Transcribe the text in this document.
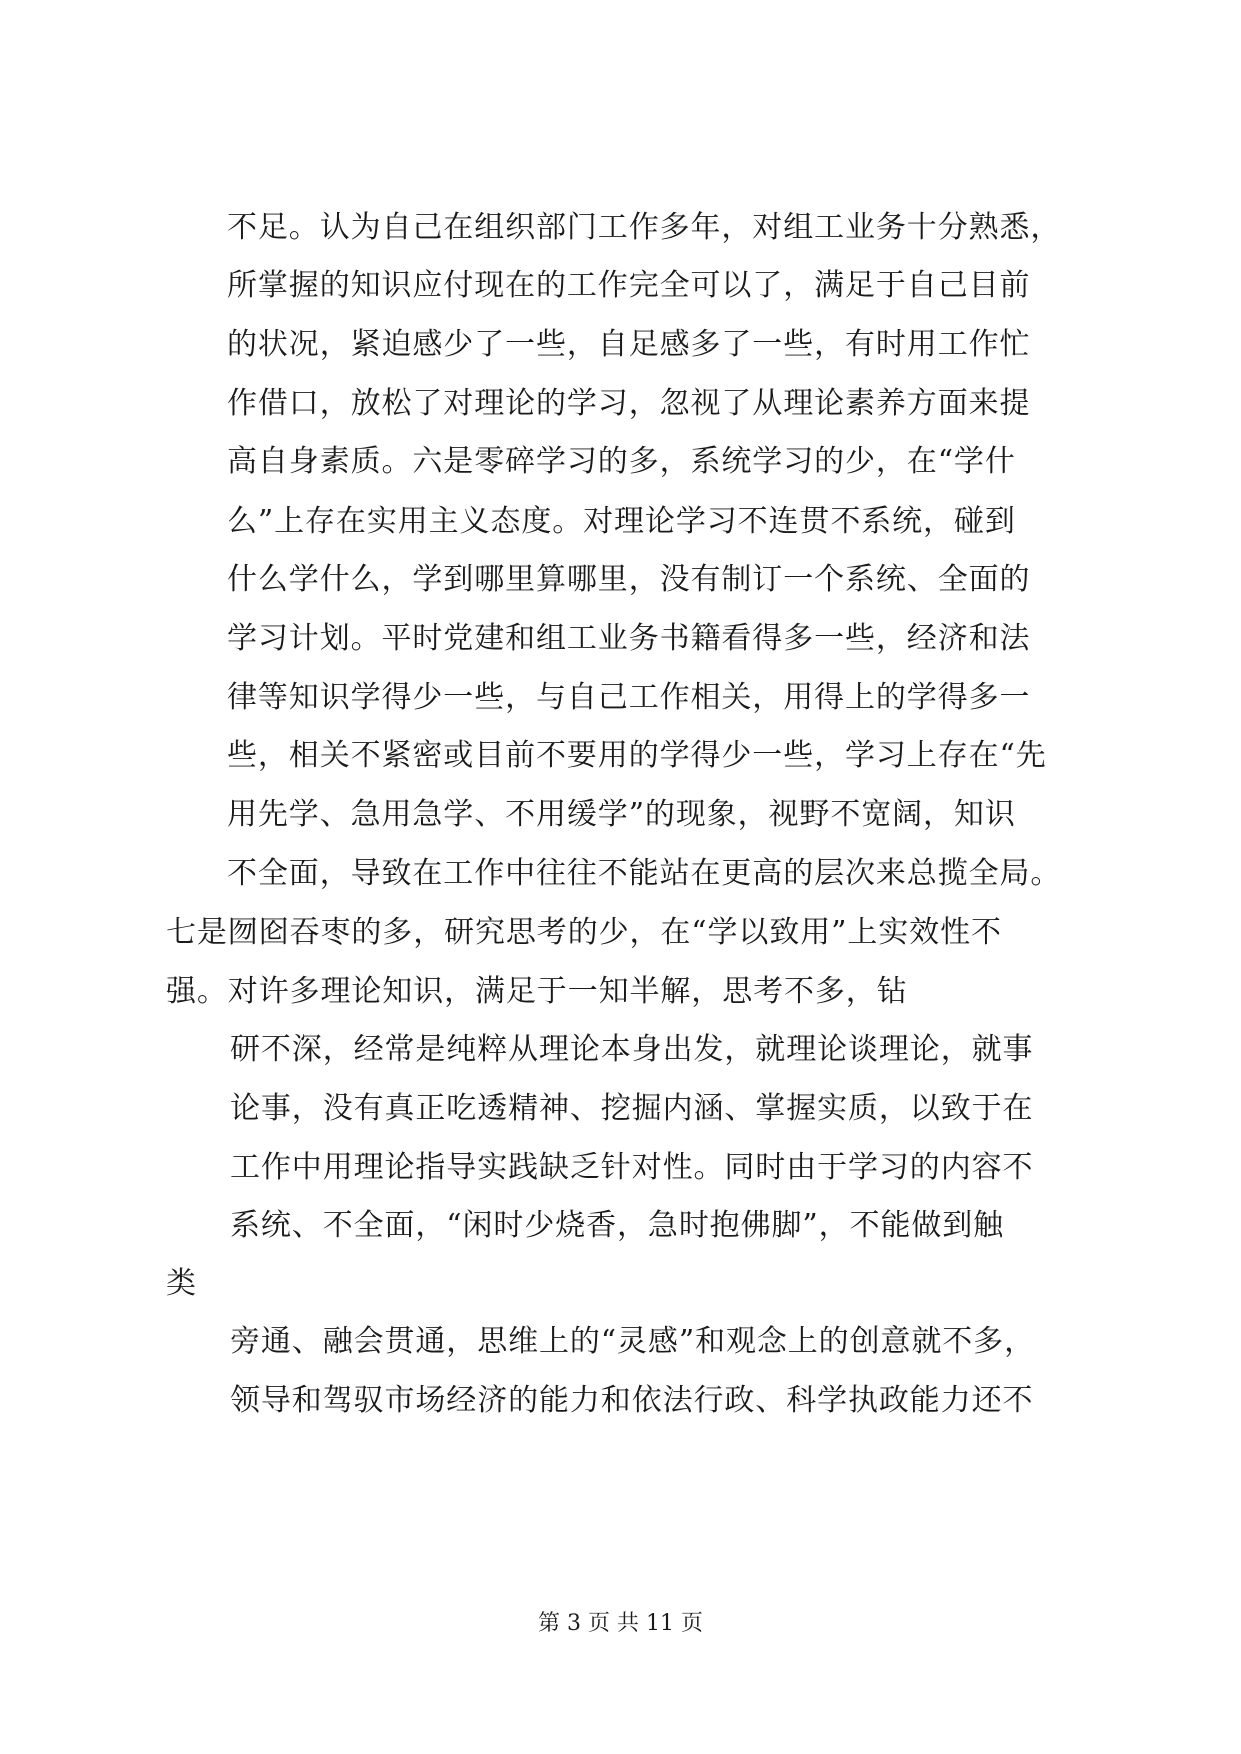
不足。认为自己在组织部门工作多年，对组工业务十分熟悉，

所掌握的知识应付现在的工作完全可以了，满足于自己目前

的状况，紧迫感少了一些，自足感多了一些，有时用工作忙

作借口，放松了对理论的学习，忽视了从理论素养方面来提

高自身素质。六是零碎学习的多，系统学习的少，在“学什

么”上存在实用主义态度。对理论学习不连贯不系统，碰到

什么学什么，学到哪里算哪里，没有制订一个系统、全面的

学习计划。平时党建和组工业务书籍看得多一些，经济和法

律等知识学得少一些，与自己工作相关，用得上的学得多一

些，相关不紧密或目前不要用的学得少一些，学习上存在“先

用先学、急用急学、不用缓学”的现象，视野不宽阔，知识

不全面，导致在工作中往往不能站在更高的层次来总揽全局。

七是囫囵吞枣的多，研究思考的少，在“学以致用”上实效性不

强。对许多理论知识，满足于一知半解，思考不多，钻

研不深，经常是纯粹从理论本身出发，就理论谈理论，就事

论事，没有真正吃透精神、挖掘内涵、掌握实质，以致于在

工作中用理论指导实践缺乏针对性。同时由于学习的内容不

系统、不全面，“闲时少烧香，急时抱佛脚”，不能做到触

类

旁通、融会贯通，思维上的“灵感”和观念上的创意就不多，

领导和驾驭市场经济的能力和依法行政、科学执政能力还不

第 3 页 共 11 页
